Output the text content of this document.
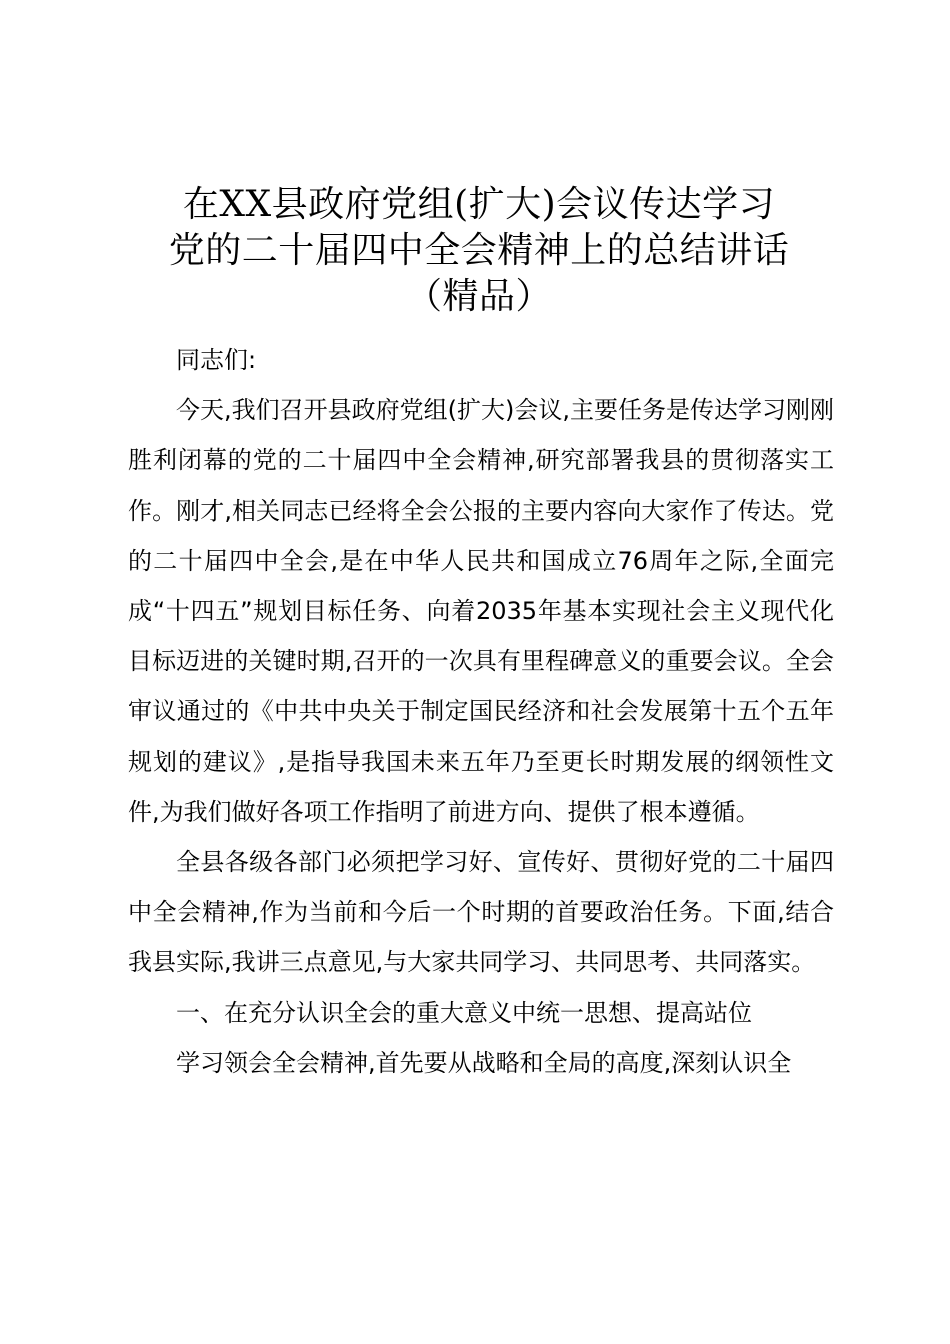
在XX县政府党组(扩大)会议传达学习
党的二十届四中全会精神上的总结讲话
（精品）

同志们:

今天,我们召开县政府党组(扩大)会议,主要任务是传达学习刚刚胜利闭幕的党的二十届四中全会精神,研究部署我县的贯彻落实工作。刚才,相关同志已经将全会公报的主要内容向大家作了传达。党的二十届四中全会,是在中华人民共和国成立76周年之际,全面完成“十四五”规划目标任务、向着2035年基本实现社会主义现代化目标迈进的关键时期,召开的一次具有里程碑意义的重要会议。全会审议通过的《中共中央关于制定国民经济和社会发展第十五个五年规划的建议》,是指导我国未来五年乃至更长时期发展的纲领性文件,为我们做好各项工作指明了前进方向、提供了根本遵循。

全县各级各部门必须把学习好、宣传好、贯彻好党的二十届四中全会精神,作为当前和今后一个时期的首要政治任务。下面,结合我县实际,我讲三点意见,与大家共同学习、共同思考、共同落实。

一、在充分认识全会的重大意义中统一思想、提高站位

学习领会全会精神,首先要从战略和全局的高度,深刻认识全
